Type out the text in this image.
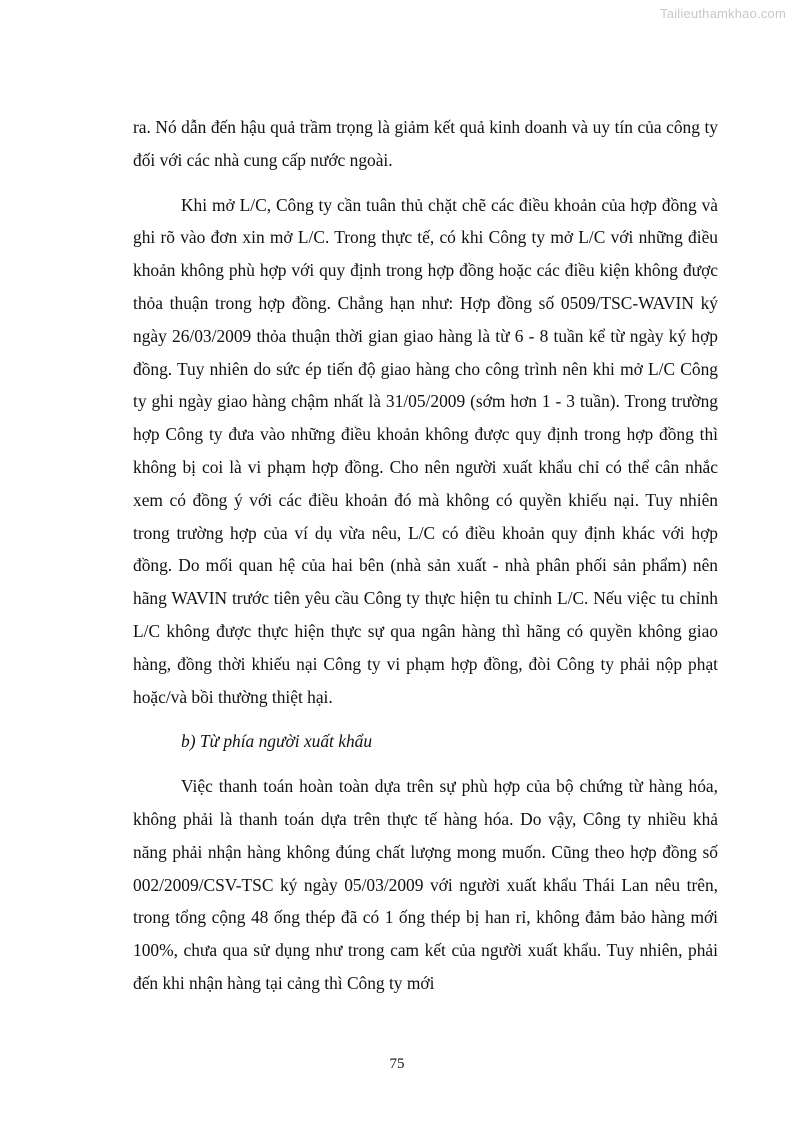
Tailieuthamkhao.com

ra. Nó dẫn đến hậu quả trầm trọng là giảm kết quả kinh doanh và uy tín của công ty đối với các nhà cung cấp nước ngoài.

Khi mở L/C, Công ty cần tuân thủ chặt chẽ các điều khoản của hợp đồng và ghi rõ vào đơn xin mở L/C. Trong thực tế, có khi Công ty mở L/C với những điều khoản không phù hợp với quy định trong hợp đồng hoặc các điều kiện không được thỏa thuận trong hợp đồng. Chẳng hạn như: Hợp đồng số 0509/TSC-WAVIN ký ngày 26/03/2009 thỏa thuận thời gian giao hàng là từ 6 - 8 tuần kể từ ngày ký hợp đồng. Tuy nhiên do sức ép tiến độ giao hàng cho công trình nên khi mở L/C Công ty ghi ngày giao hàng chậm nhất là 31/05/2009 (sớm hơn 1 - 3 tuần). Trong trường hợp Công ty đưa vào những điều khoản không được quy định trong hợp đồng thì không bị coi là vi phạm hợp đồng. Cho nên người xuất khẩu chỉ có thể cân nhắc xem có đồng ý với các điều khoản đó mà không có quyền khiếu nại. Tuy nhiên trong trường hợp của ví dụ vừa nêu, L/C có điều khoản quy định khác với hợp đồng. Do mối quan hệ của hai bên (nhà sản xuất - nhà phân phối sản phẩm) nên hãng WAVIN trước tiên yêu cầu Công ty thực hiện tu chỉnh L/C. Nếu việc tu chỉnh L/C không được thực hiện thực sự qua ngân hàng thì hãng có quyền không giao hàng, đồng thời khiếu nại Công ty vi phạm hợp đồng, đòi Công ty phải nộp phạt hoặc/và bồi thường thiệt hại.

b) Từ phía người xuất khẩu

Việc thanh toán hoàn toàn dựa trên sự phù hợp của bộ chứng từ hàng hóa, không phải là thanh toán dựa trên thực tế hàng hóa. Do vậy, Công ty nhiều khả năng phải nhận hàng không đúng chất lượng mong muốn. Cũng theo hợp đồng số 002/2009/CSV-TSC ký ngày 05/03/2009 với người xuất khẩu Thái Lan nêu trên, trong tổng cộng 48 ống thép đã có 1 ống thép bị han rỉ, không đảm bảo hàng mới 100%, chưa qua sử dụng như trong cam kết của người xuất khẩu. Tuy nhiên, phải đến khi nhận hàng tại cảng thì Công ty mới

75
